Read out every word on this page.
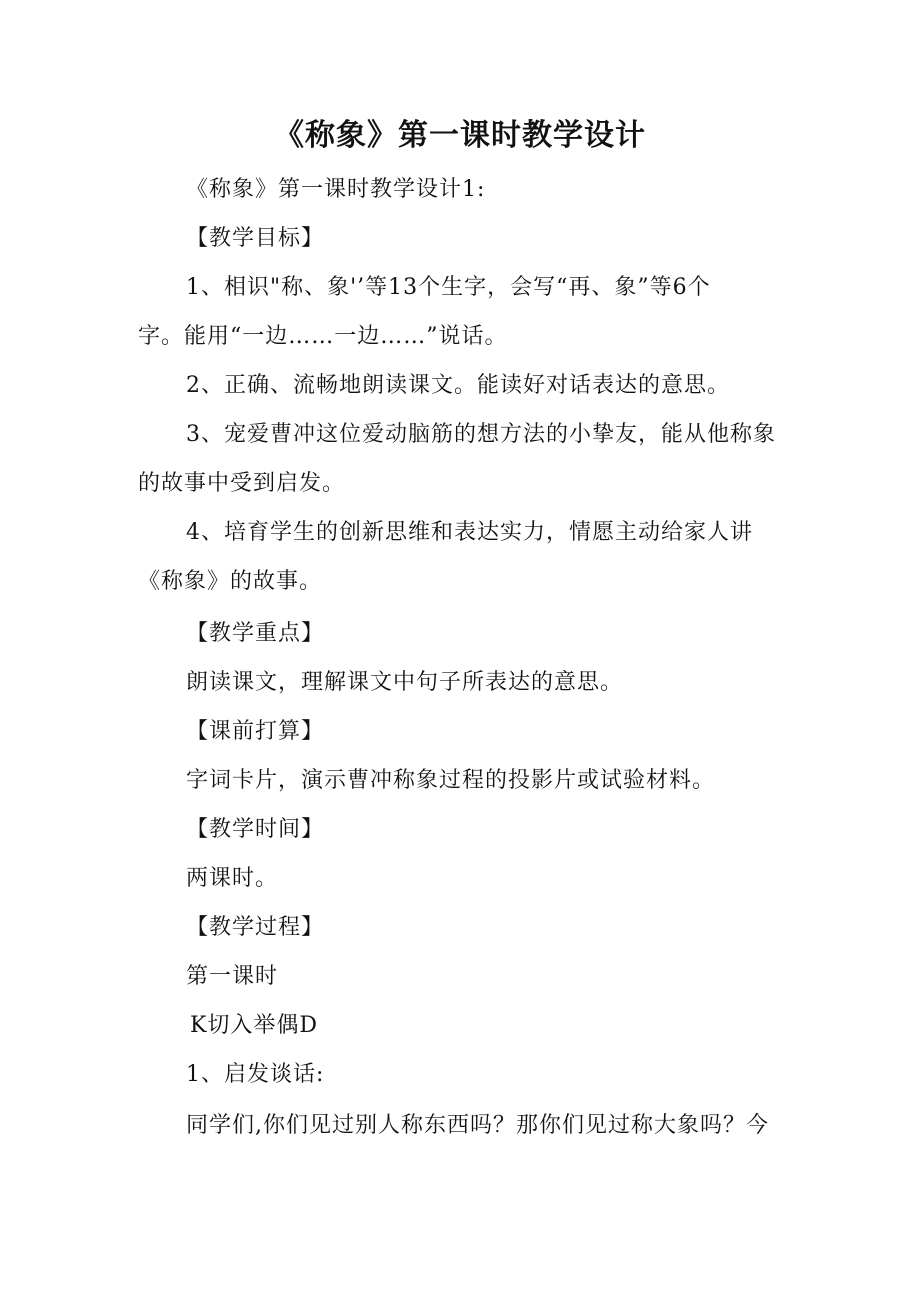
《称象》第一课时教学设计
《称象》第一课时教学设计1:
【教学目标】
1、相识"称、象'’等13个生字，会写“再、象”等6个
字。能用“一边……一边……”说话。
2、正确、流畅地朗读课文。能读好对话表达的意思。
3、宠爱曹冲这位爱动脑筋的想方法的小挚友，能从他称象
的故事中受到启发。
4、培育学生的创新思维和表达实力，情愿主动给家人讲
《称象》的故事。
【教学重点】
朗读课文，理解课文中句子所表达的意思。
【课前打算】
字词卡片，演示曹冲称象过程的投影片或试验材料。
【教学时间】
两课时。
【教学过程】
第一课时
K切入举偶D
1、启发谈话:
同学们,你们见过别人称东西吗？那你们见过称大象吗？今
